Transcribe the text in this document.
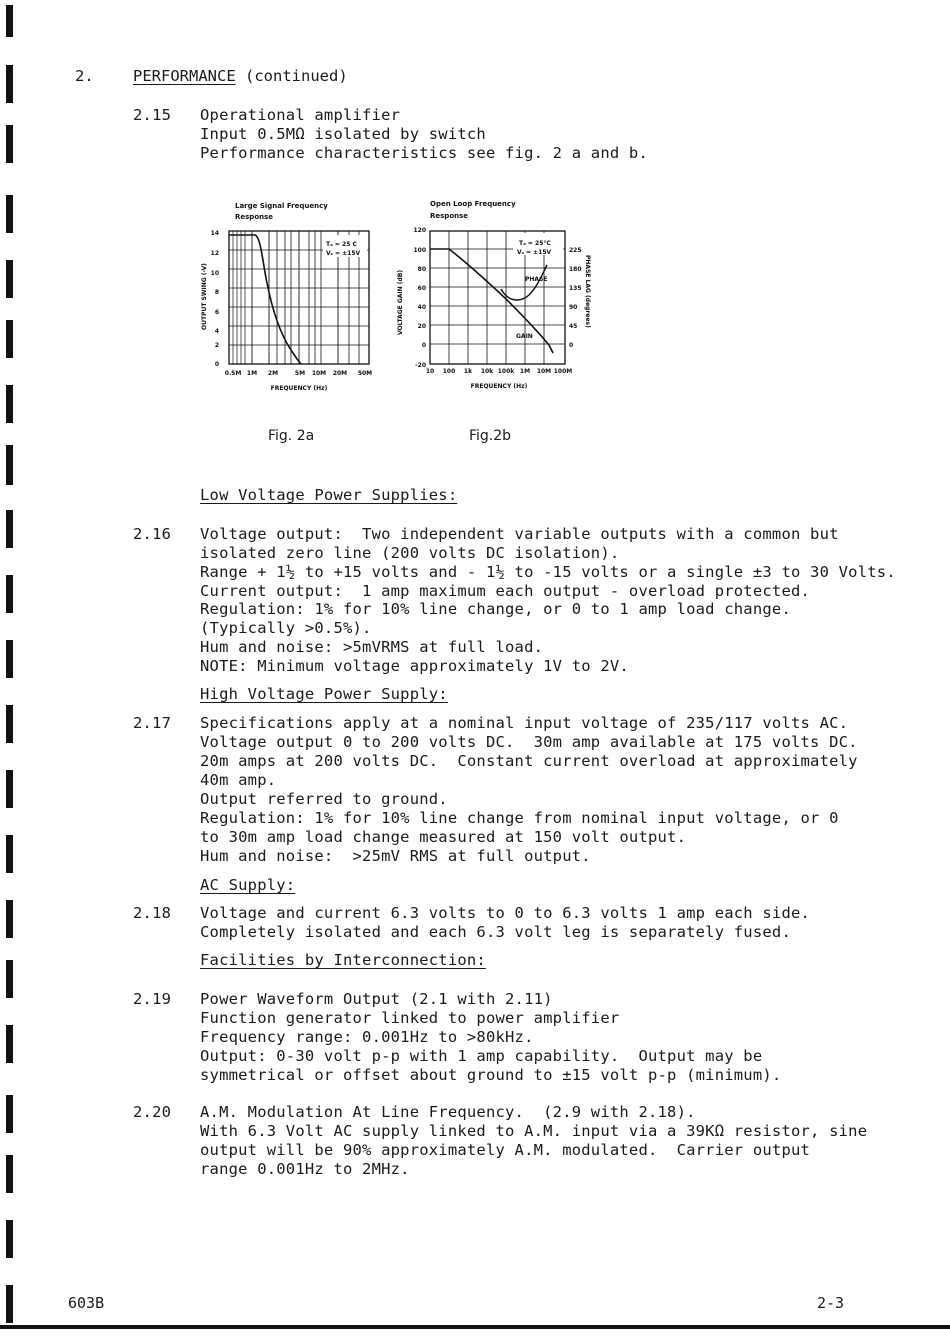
2.	PERFORMANCE (continued)
2.15 Operational amplifier
Input 0.5MΩ isolated by switch
Performance characteristics see fig. 2 a and b.
Large Signal Frequency
Response
OUTPUT SWING (-V)
14
12
10
8
6
4
2
0
Tₐ = 25 C
Vₛ = ±15V
0.5M 1M 2M	5M 10M 20M 50M
FREQUENCY (Hz)
Open Loop Frequency
Response
VOLTAGE GAIN (dB)	PHASE LAG (degrees)
120
100
80
60
40
20
0
-20
225
180
135
90
45
0
Tₐ = 25°C
Vₛ = ±15V
PHASE
GAIN
10 100 1k 10k 100k 1M 10M 100M
FREQUENCY (Hz)
Fig. 2a	Fig.2b
Low Voltage Power Supplies:
2.16 Voltage output:  Two independent variable outputs with a common but
isolated zero line (200 volts DC isolation).
Range + 1½ to +15 volts and - 1½ to -15 volts or a single ±3 to 30 Volts.
Current output:  1 amp maximum each output - overload protected.
Regulation: 1% for 10% line change, or 0 to 1 amp load change.
(Typically >0.5%).
Hum and noise: >5mVRMS at full load.
NOTE: Minimum voltage approximately 1V to 2V.
High Voltage Power Supply:
2.17 Specifications apply at a nominal input voltage of 235/117 volts AC.
Voltage output 0 to 200 volts DC.  30m amp available at 175 volts DC.
20m amps at 200 volts DC.  Constant current overload at approximately
40m amp.
Output referred to ground.
Regulation: 1% for 10% line change from nominal input voltage, or 0
to 30m amp load change measured at 150 volt output.
Hum and noise:  >25mV RMS at full output.
AC Supply:
2.18 Voltage and current 6.3 volts to 0 to 6.3 volts 1 amp each side.
Completely isolated and each 6.3 volt leg is separately fused.
Facilities by Interconnection:
2.19 Power Waveform Output (2.1 with 2.11)
Function generator linked to power amplifier
Frequency range: 0.001Hz to >80kHz.
Output: 0-30 volt p-p with 1 amp capability.  Output may be
symmetrical or offset about ground to ±15 volt p-p (minimum).
2.20 A.M. Modulation At Line Frequency.  (2.9 with 2.18).
With 6.3 Volt AC supply linked to A.M. input via a 39KΩ resistor, sine
output will be 90% approximately A.M. modulated.  Carrier output
range 0.001Hz to 2MHz.
603B	2-3
